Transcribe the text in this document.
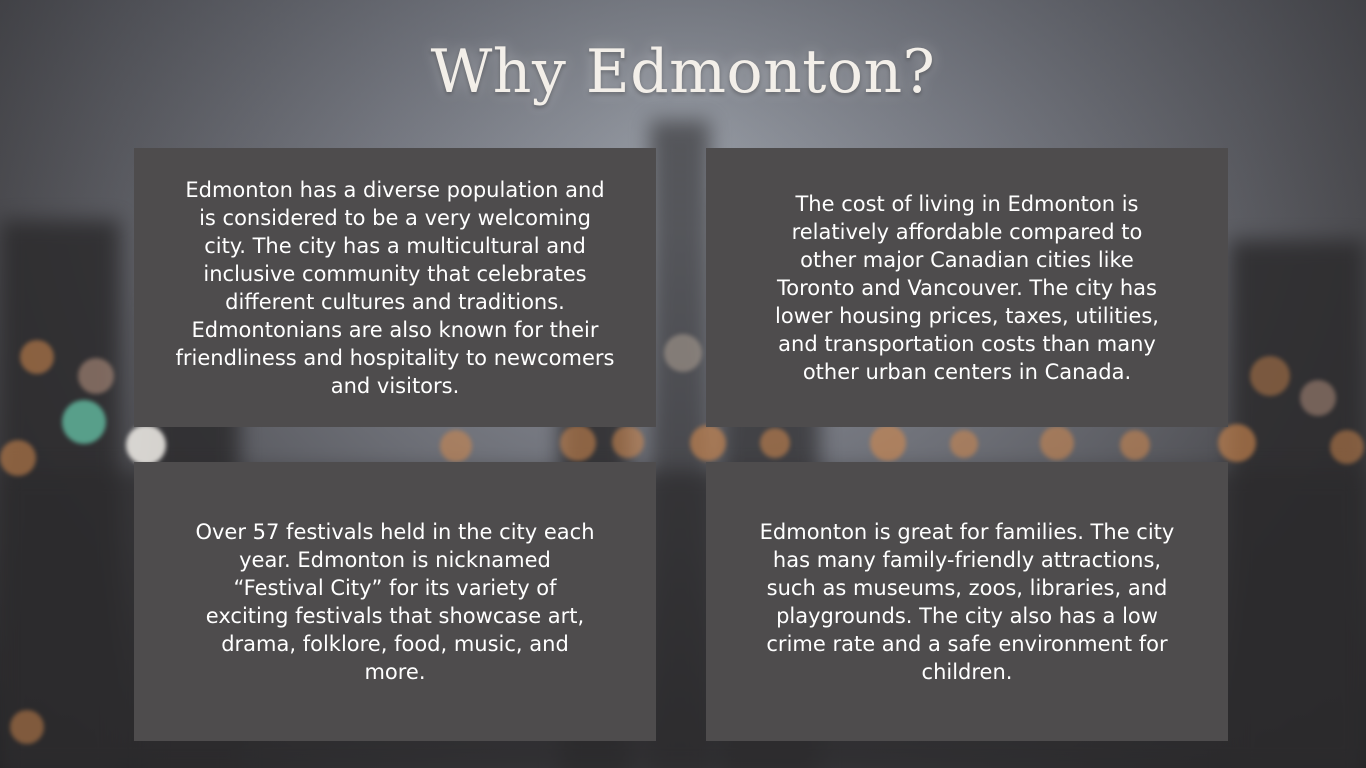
Why Edmonton?

Edmonton has a diverse population and is considered to be a very welcoming city. The city has a multicultural and inclusive community that celebrates different cultures and traditions. Edmontonians are also known for their friendliness and hospitality to newcomers and visitors.

The cost of living in Edmonton is relatively affordable compared to other major Canadian cities like Toronto and Vancouver. The city has lower housing prices, taxes, utilities, and transportation costs than many other urban centers in Canada.

Over 57 festivals held in the city each year. Edmonton is nicknamed “Festival City” for its variety of exciting festivals that showcase art, drama, folklore, food, music, and more.

Edmonton is great for families. The city has many family-friendly attractions, such as museums, zoos, libraries, and playgrounds. The city also has a low crime rate and a safe environment for children.
